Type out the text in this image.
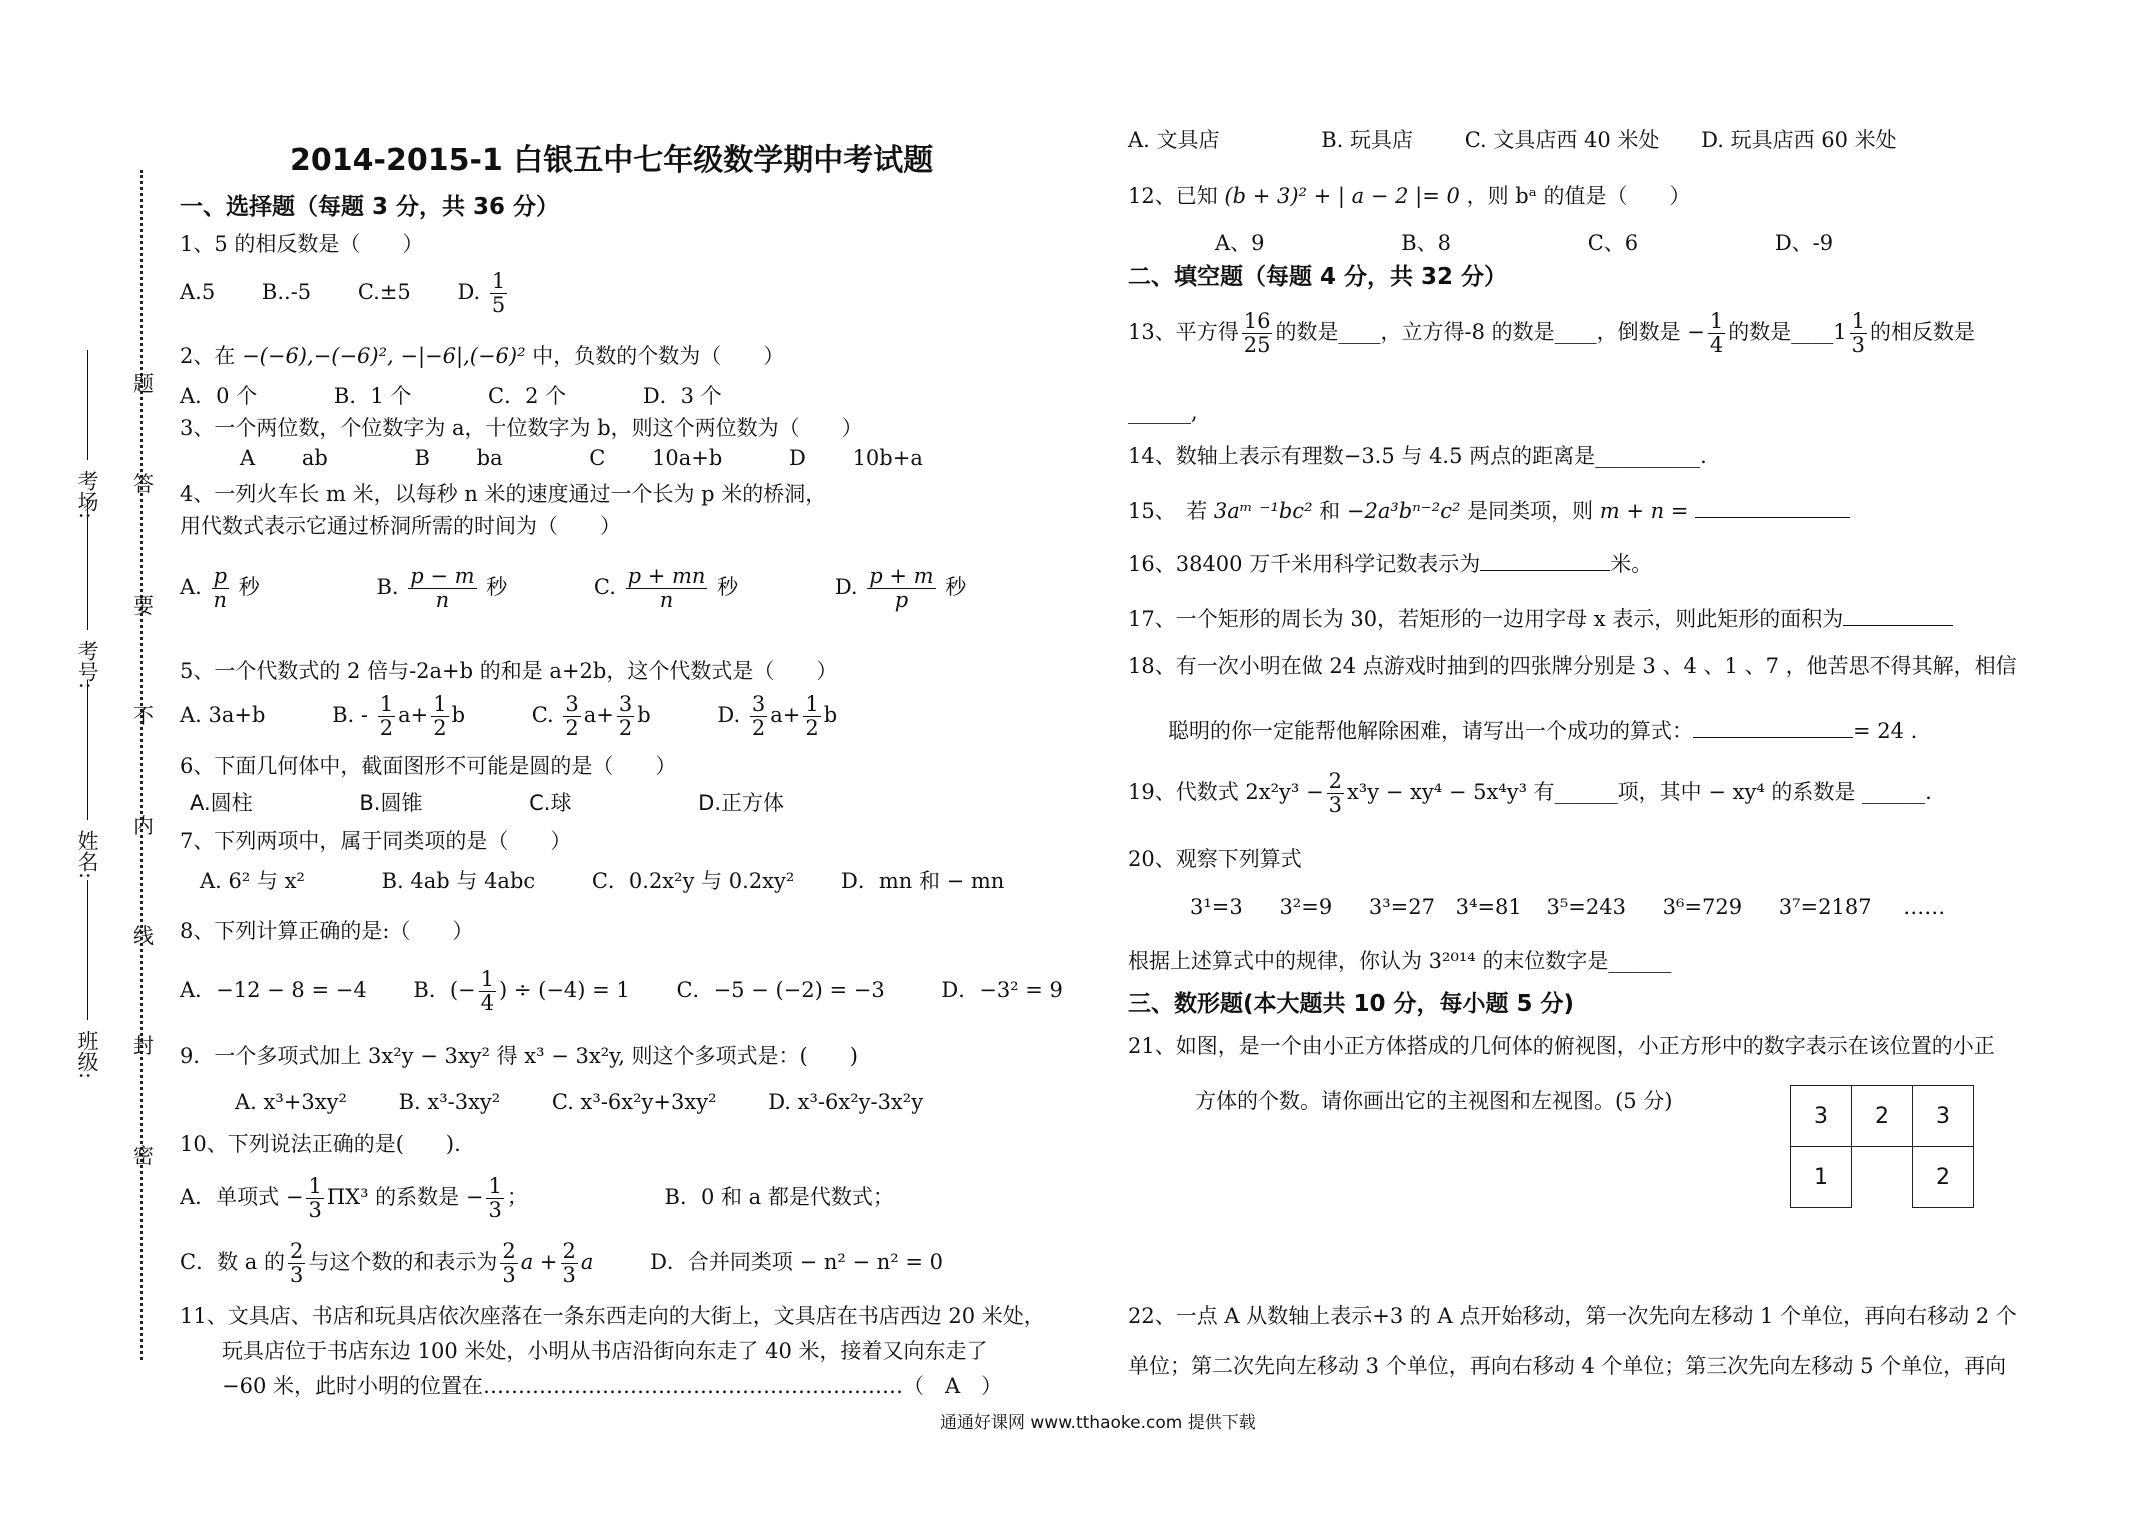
考场:
考号:
姓名:
班级:
题
答
要
不
内
线
封
密
2014-2015-1 白银五中七年级数学期中考试题
一、选择题（每题 3 分，共 36 分）
1、5 的相反数是（　　）
A.5 B..-5 C.±5 D. $\frac{1}{5}$
2、在 −(−6),−(−6)², −|−6|,(−6)² 中，负数的个数为（　　）
A．0 个	B．1 个	C．2 个	D．3 个
3、一个两位数，个位数字为 a，十位数字为 b，则这个两位数为（　　）
A ab	B ba	C 10a+b	D 10b+a
4、一列火车长 m 米，以每秒 n 米的速度通过一个长为 p 米的桥洞，
用代数式表示它通过桥洞所需的时间为（　　）
A. $\frac{p}{n}$ 秒	B. $\frac{p - m}{n}$ 秒	C. $\frac{p + mn}{n}$ 秒	D. $\frac{p + m}{p}$ 秒
5、一个代数式的 2 倍与-2a+b 的和是 a+2b，这个代数式是（　　）
A. 3a+b	B. - $\frac{1}{2} a+ \frac{1}{2}$ b	C. $\frac{3}{2} a+ \frac{3}{2}$ b	D. $\frac{3}{2} a+ \frac{1}{2}$ b
6、下面几何体中，截面图形不可能是圆的是（　　）
A.圆柱	B.圆锥	C.球	D.正方体
7、下列两项中，属于同类项的是（　　）
A. 6² 与 x²	B. 4ab 与 4abc	C．0.2x²y 与 0.2xy² D．mn 和 − mn
8、下列计算正确的是:（　　）
A．−12 − 8 = −4 B．(− $\frac{1}{4}$ ) ÷ (−4) = 1 C．−5 − (−2) = −3	D．−3² = 9
9．一个多项式加上 3x²y − 3xy² 得 x³ − 3x²y, 则这个多项式是：(　　)
A. x³+3xy² B. x³-3xy² C. x³-6x²y+3xy² D. x³-6x²y-3x²y
10、下列说法正确的是(　　).
A．单项式 − $\frac{1}{3} \Pi X^3$ 的系数是 − $\frac{1}{3}$ ；	B．0 和 a 都是代数式；
C．数 a 的 $\frac{2}{3}$ 与这个数的和表示为 $\frac{2}{3}$ $a + \frac{2}{3}$ a	D．合并同类项 − n² − n² = 0
11、文具店、书店和玩具店依次座落在一条东西走向的大街上，文具店在书店西边 20 米处，
玩具店位于书店东边 100 米处，小明从书店沿街向东走了 40 米，接着又向东走了
−60 米，此时小明的位置在……………………………………………………（　A　）
A. 文具店	B. 玩具店 C. 文具店西 40 米处 D. 玩具店西 60 米处
12、已知 (b + 3)² + | a − 2 |= 0 ，则 bᵃ 的值是（　　）
A、9	B、8	C、6	D、-9
二、填空题（每题 4 分，共 32 分）
13、平方得 $\frac{16}{25}$ 的数是____，立方得-8 的数是____，倒数是 − $\frac{1}{4}$ 的数是____1 $\frac{1}{3}$ 的相反数是
______,
14、数轴上表示有理数−3.5 与 4.5 两点的距离是__________.
15、　若 3aᵐ ⁻¹bc² 和 −2a³bⁿ⁻²c² 是同类项，则 m + n =
16、38400 万千米用科学记数表示为	米。
17、一个矩形的周长为 30，若矩形的一边用字母 x 表示，则此矩形的面积为
18、有一次小明在做 24 点游戏时抽到的四张牌分别是 3 、4 、1 、7 ，他苦思不得其解，相信
聪明的你一定能帮他解除困难，请写出一个成功的算式：	= 24 .
19、代数式 $2x^2y^3 - \frac{2}{3} x^3y - xy^4 - 5x^4y^3$ 有______项，其中 − xy⁴ 的系数是 ______.
20、观察下列算式
3¹=3 3²=9 3³=27 3⁴=81 3⁵=243 3⁶=729 3⁷=2187 ……
根据上述算式中的规律，你认为 3²⁰¹⁴ 的末位数字是______
三、数形题(本大题共 10 分，每小题 5 分)
21、如图，是一个由小正方体搭成的几何体的俯视图，小正方形中的数字表示在该位置的小正
方体的个数。请你画出它的主视图和左视图。(5 分)
3	2	3
1		2
22、一点 A 从数轴上表示+3 的 A 点开始移动，第一次先向左移动 1 个单位，再向右移动 2 个
单位；第二次先向左移动 3 个单位，再向右移动 4 个单位；第三次先向左移动 5 个单位，再向
通通好课网 www.tthaoke.com 提供下载
